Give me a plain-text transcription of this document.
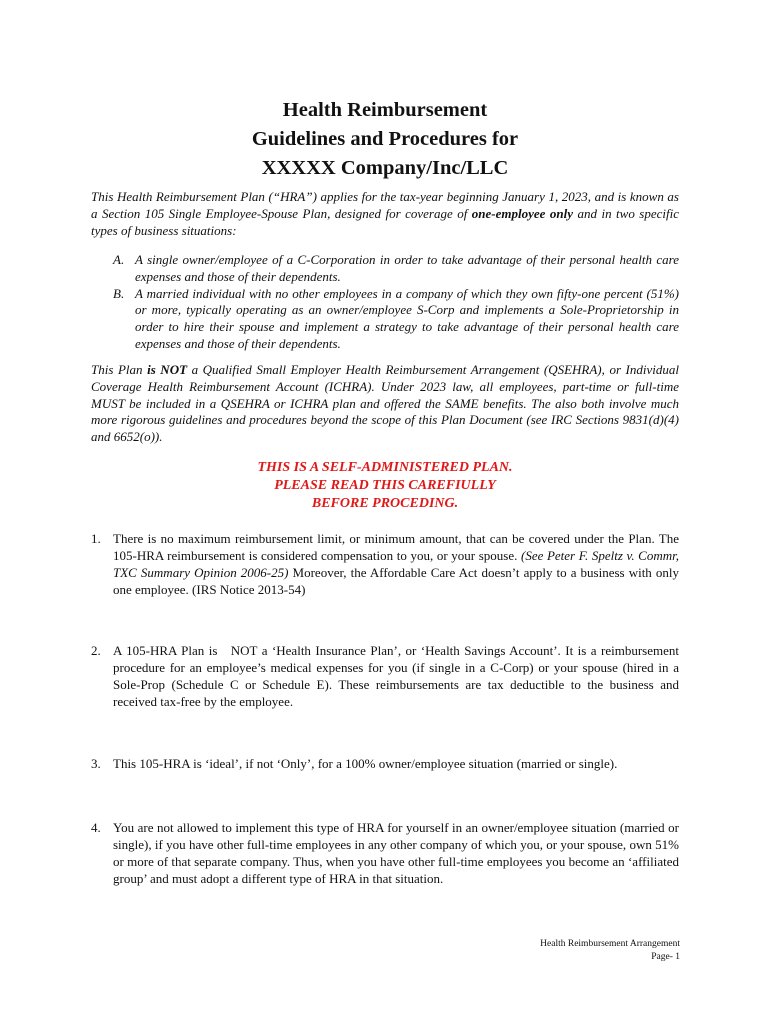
Health Reimbursement
Guidelines and Procedures for
XXXXX Company/Inc/LLC

This Health Reimbursement Plan (“HRA”) applies for the tax-year beginning January 1, 2023, and is known as a Section 105 Single Employee-Spouse Plan, designed for coverage of one-employee only and in two specific types of business situations:

A. A single owner/employee of a C-Corporation in order to take advantage of their personal health care expenses and those of their dependents.
B. A married individual with no other employees in a company of which they own fifty-one percent (51%) or more, typically operating as an owner/employee S-Corp and implements a Sole-Proprietorship in order to hire their spouse and implement a strategy to take advantage of their personal health care expenses and those of their dependents.

This Plan is NOT a Qualified Small Employer Health Reimbursement Arrangement (QSEHRA), or Individual Coverage Health Reimbursement Account (ICHRA). Under 2023 law, all employees, part-time or full-time MUST be included in a QSEHRA or ICHRA plan and offered the SAME benefits. The also both involve much more rigorous guidelines and procedures beyond the scope of this Plan Document (see IRC Sections 9831(d)(4) and 6652(o)).

THIS IS A SELF-ADMINISTERED PLAN.
PLEASE READ THIS CAREFIULLY
BEFORE PROCEDING.
1. There is no maximum reimbursement limit, or minimum amount, that can be covered under the Plan. The 105-HRA reimbursement is considered compensation to you, or your spouse. (See Peter F. Speltz v. Commr, TXC Summary Opinion 2006-25) Moreover, the Affordable Care Act doesn’t apply to a business with only one employee. (IRS Notice 2013-54)
2. A 105-HRA Plan is   NOT a ‘Health Insurance Plan’, or ‘Health Savings Account’. It is a reimbursement procedure for an employee’s medical expenses for you (if single in a C-Corp) or your spouse (hired in a Sole-Prop (Schedule C or Schedule E). These reimbursements are tax deductible to the business and received tax-free by the employee.
3. This 105-HRA is ‘ideal’, if not ‘Only’, for a 100% owner/employee situation (married or single).
4. You are not allowed to implement this type of HRA for yourself in an owner/employee situation (married or single), if you have other full-time employees in any other company of which you, or your spouse, own 51% or more of that separate company. Thus, when you have other full-time employees you become an ‘affiliated group’ and must adopt a different type of HRA in that situation.
Health Reimbursement Arrangement
Page- 1
